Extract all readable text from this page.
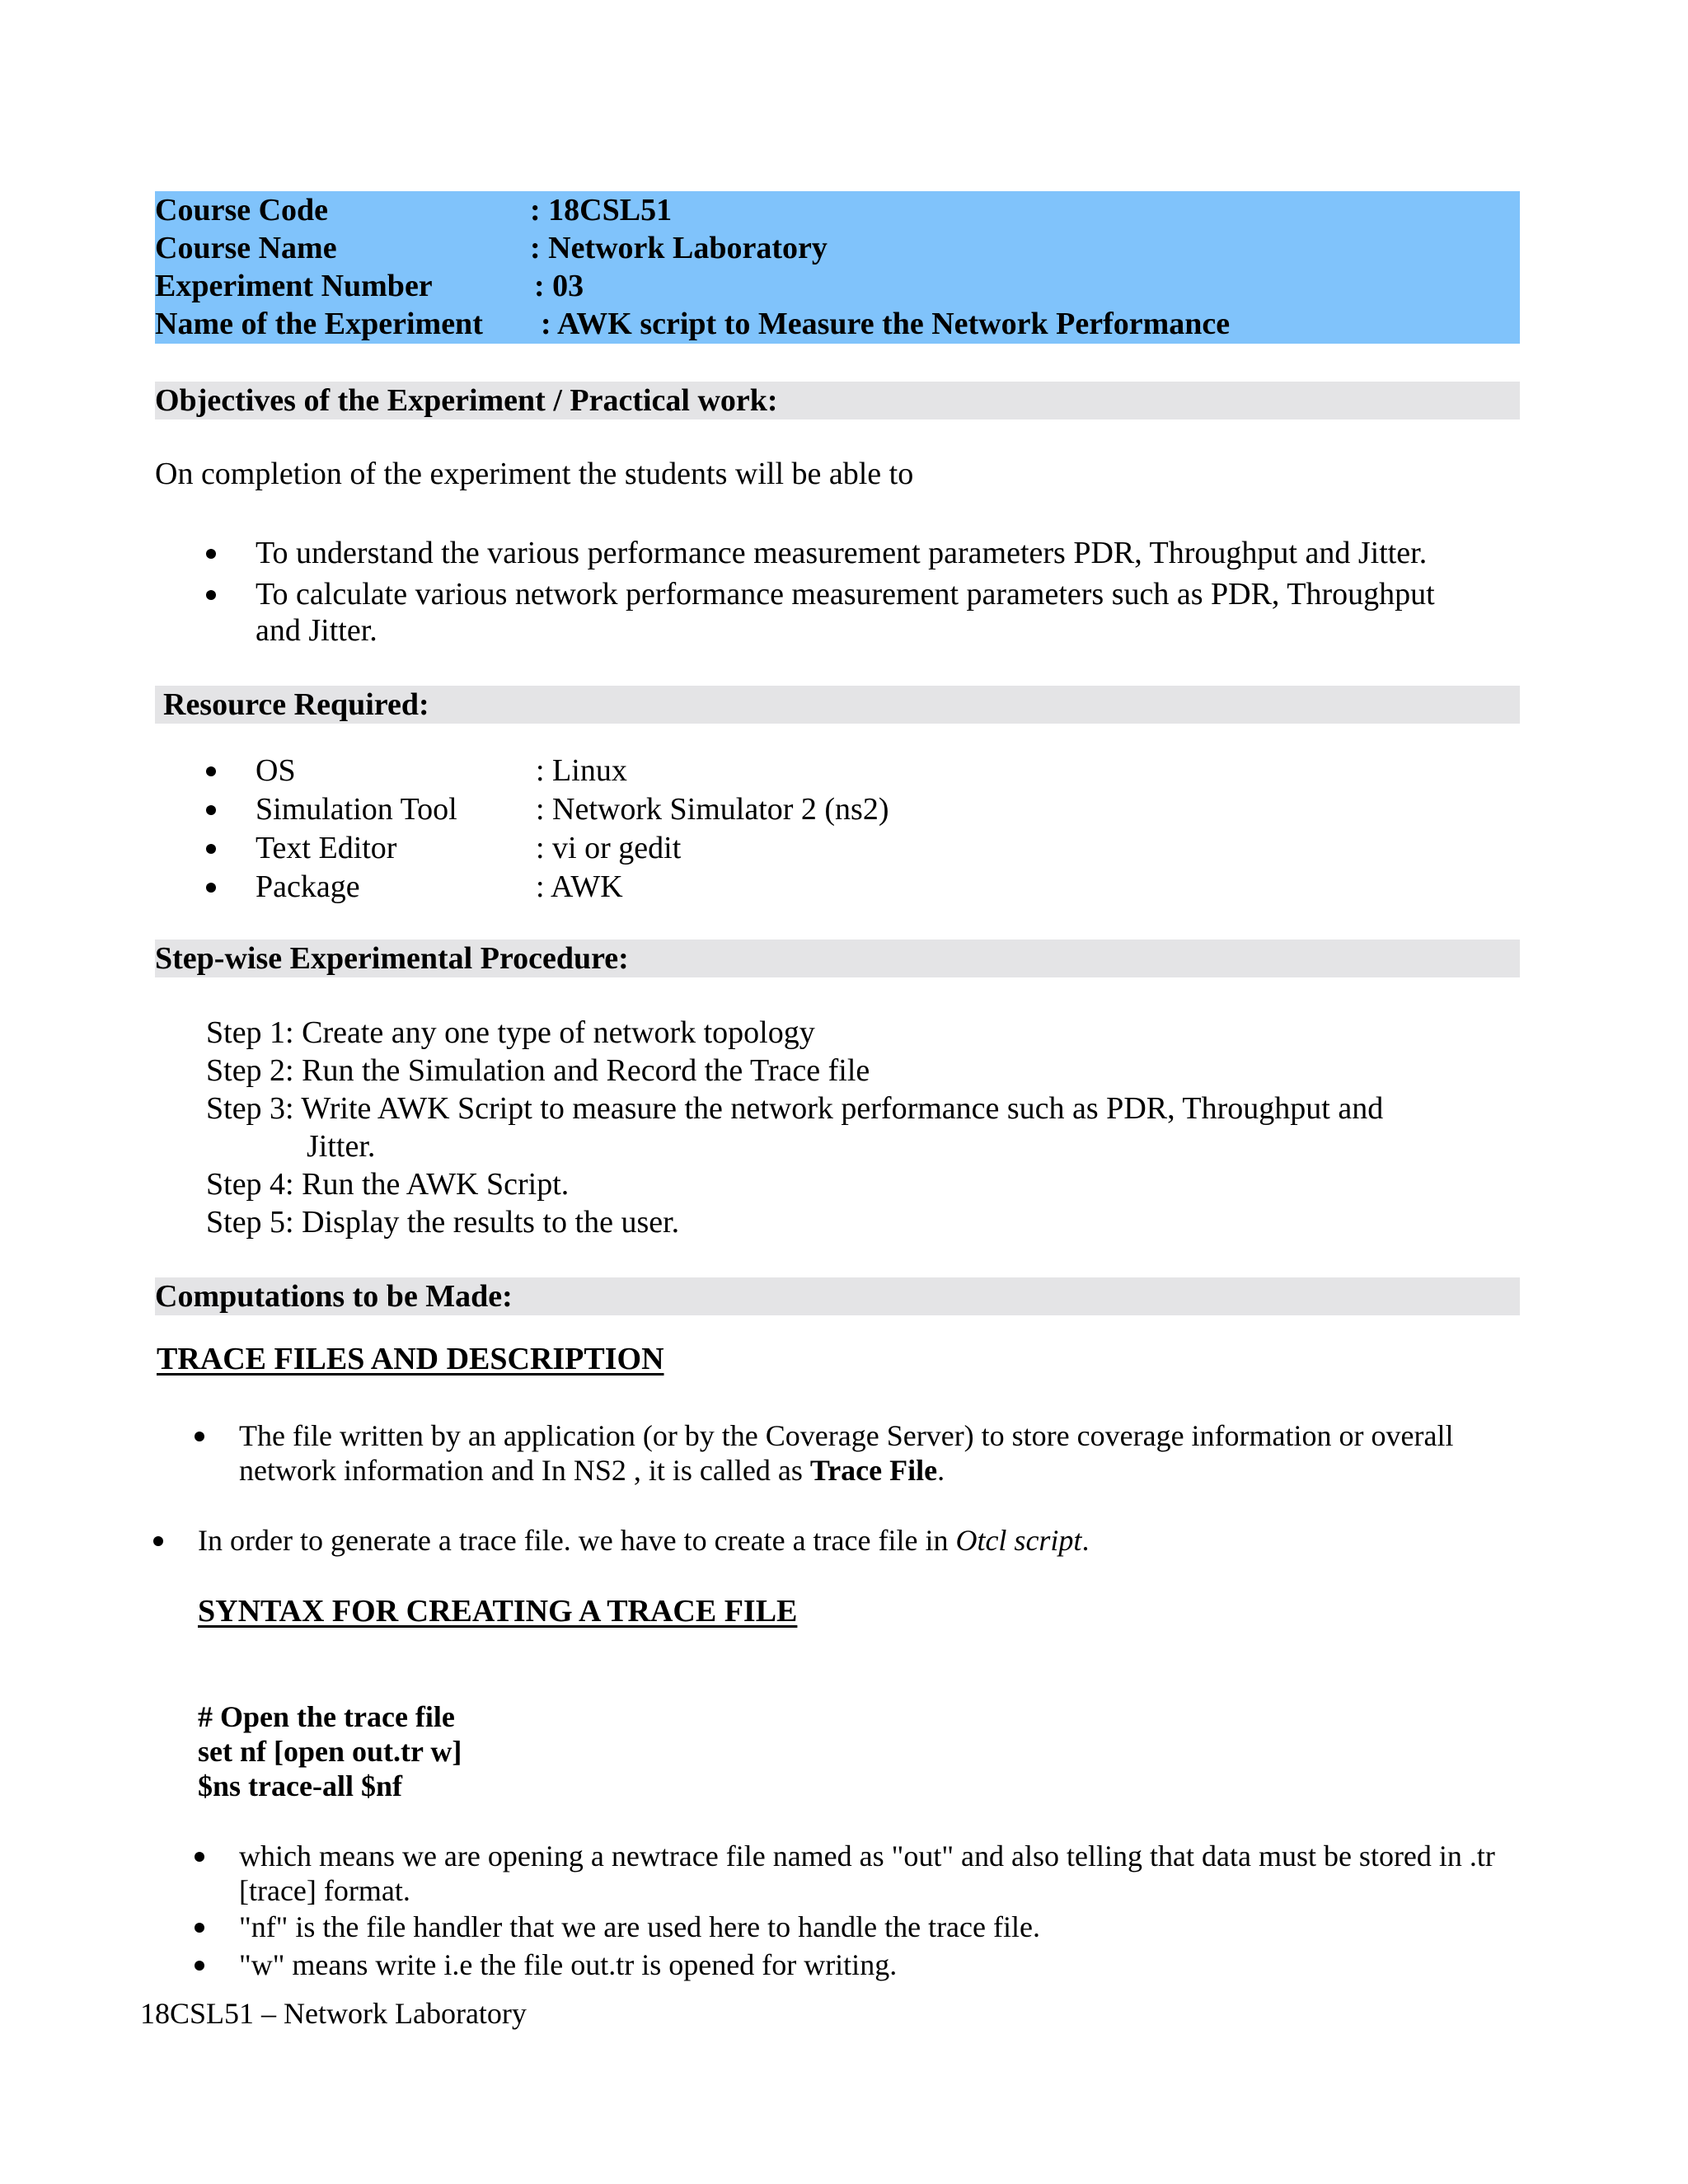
Course Code	: 18CSL51
Course Name	: Network Laboratory
Experiment Number	: 03
Name of the Experiment : AWK script to Measure the Network Performance
Objectives of the Experiment / Practical work:
On completion of the experiment the students will be able to
To understand the various performance measurement parameters PDR, Throughput and Jitter.
To calculate various network performance measurement parameters such as PDR, Throughput
and Jitter.
Resource Required:
OS	: Linux
Simulation Tool	: Network Simulator 2 (ns2)
Text Editor	: vi or gedit
Package	: AWK
Step-wise Experimental Procedure:
Step 1: Create any one type of network topology
Step 2: Run the Simulation and Record the Trace file
Step 3: Write AWK Script to measure the network performance such as PDR, Throughput and
Jitter.
Step 4: Run the AWK Script.
Step 5: Display the results to the user.
Computations to be Made:
TRACE FILES AND DESCRIPTION
The file written by an application (or by the Coverage Server) to store coverage information or overall
network information and In NS2 , it is called as Trace File.
In order to generate a trace file. we have to create a trace file in Otcl script.
SYNTAX FOR CREATING A TRACE FILE
# Open the trace file
set nf [open out.tr w]
$ns trace-all $nf
which means we are opening a newtrace file named as "out" and also telling that data must be stored in .tr
[trace] format.
"nf" is the file handler that we are used here to handle the trace file.
"w" means write i.e the file out.tr is opened for writing.
18CSL51 – Network Laboratory
